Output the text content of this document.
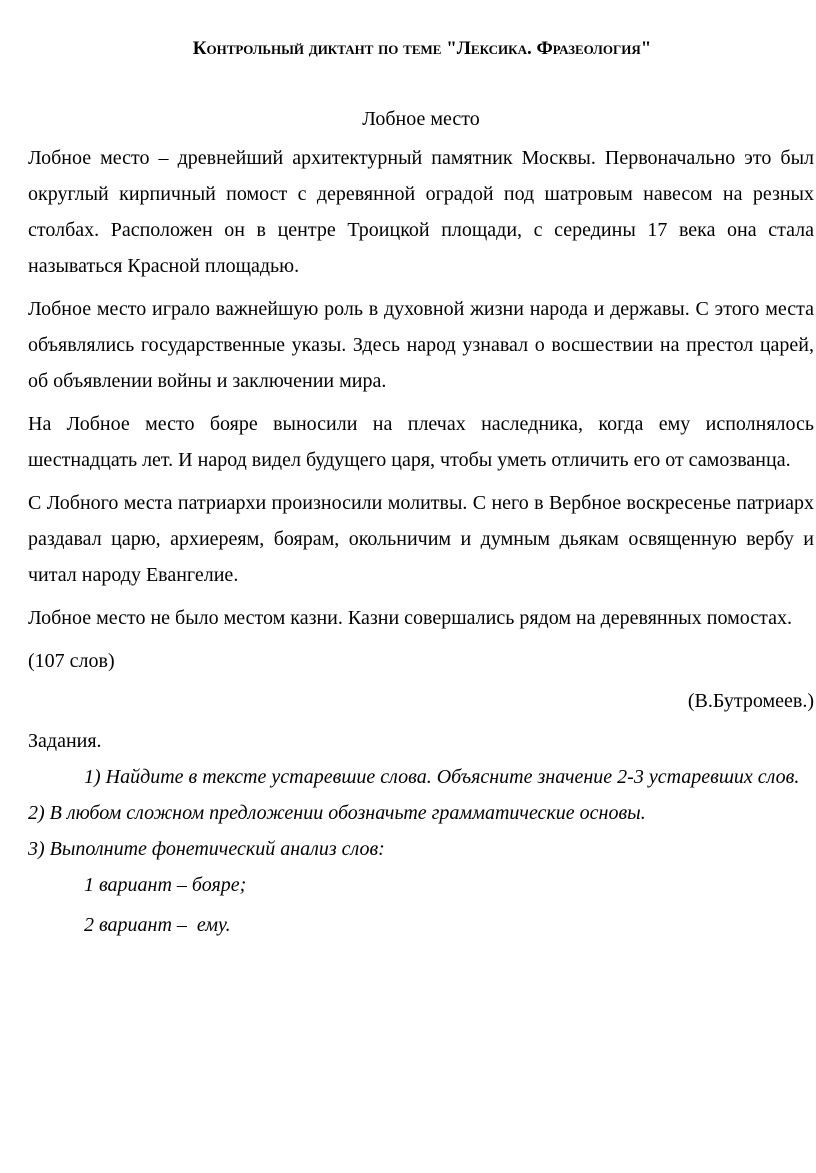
Контрольный диктант по теме "Лексика. Фразеология"

Лобное место

Лобное место – древнейший архитектурный памятник Москвы. Первоначально это был округлый кирпичный помост с деревянной оградой под шатровым навесом на резных столбах. Расположен он в центре Троицкой площади, с середины 17 века она стала называться Красной площадью.

Лобное место играло важнейшую роль в духовной жизни народа и державы. С этого места объявлялись государственные указы. Здесь народ узнавал о восшествии на престол царей, об объявлении войны и заключении мира.

На Лобное место бояре выносили на плечах наследника, когда ему исполнялось шестнадцать лет. И народ видел будущего царя, чтобы уметь отличить его от самозванца.

С Лобного места патриархи произносили молитвы. С него в Вербное воскресенье патриарх раздавал царю, архиереям, боярам, окольничим и думным дьякам освященную вербу и читал народу Евангелие.

Лобное место не было местом казни. Казни совершались рядом на деревянных помостах.

(107 слов)

(В.Бутромеев.)

Задания.

1) Найдите в тексте устаревшие слова. Объясните значение 2-3 устаревших слов.

2) В любом сложном предложении обозначьте грамматические основы.

3) Выполните фонетический анализ слов:

1 вариант – бояре;

2 вариант –  ему.
